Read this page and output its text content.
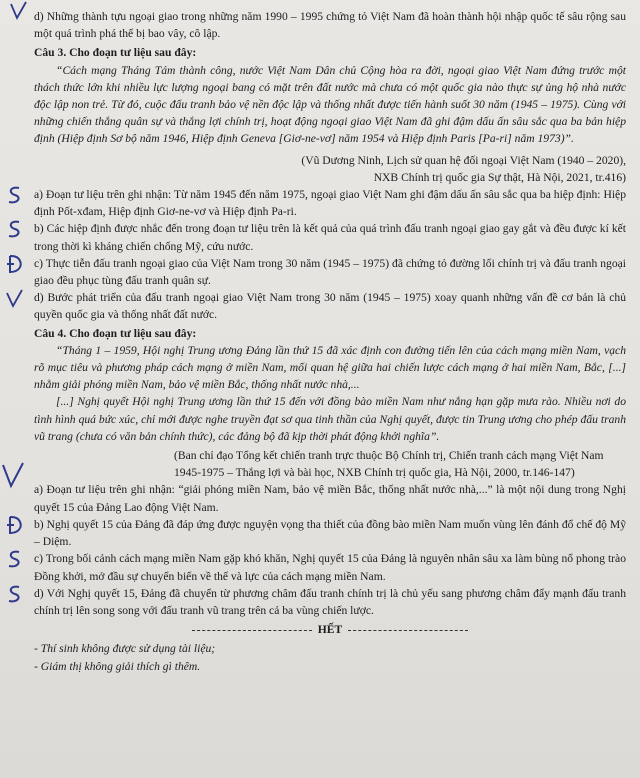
d) Những thành tựu ngoại giao trong những năm 1990 – 1995 chứng tỏ Việt Nam đã hoàn thành hội nhập quốc tế sâu rộng sau một quá trình phá thế bị bao vây, cô lập.

Câu 3. Cho đoạn tư liệu sau đây:

“Cách mạng Tháng Tám thành công, nước Việt Nam Dân chủ Cộng hòa ra đời, ngoại giao Việt Nam đứng trước một thách thức lớn khi nhiều lực lượng ngoại bang có mặt trên đất nước mà chưa có một quốc gia nào thực sự ủng hộ nhà nước độc lập non trẻ. Từ đó, cuộc đấu tranh bảo vệ nền độc lập và thống nhất được tiến hành suốt 30 năm (1945 – 1975). Cùng với những chiến thắng quân sự và thắng lợi chính trị, hoạt động ngoại giao Việt Nam đã ghi đậm dấu ấn sâu sắc qua ba bản hiệp định (Hiệp định Sơ bộ năm 1946, Hiệp định Geneva [Giơ-ne-vơ] năm 1954 và Hiệp định Paris [Pa-ri] năm 1973)”.

(Vũ Dương Ninh, Lịch sử quan hệ đối ngoại Việt Nam (1940 – 2020),

NXB Chính trị quốc gia Sự thật, Hà Nội, 2021, tr.416)

a) Đoạn tư liệu trên ghi nhận: Từ năm 1945 đến năm 1975, ngoại giao Việt Nam ghi đậm dấu ấn sâu sắc qua ba hiệp định: Hiệp định Pốt-xđam, Hiệp định Giơ-ne-vơ và Hiệp định Pa-ri.

b) Các hiệp định được nhắc đến trong đoạn tư liệu trên là kết quả của quá trình đấu tranh ngoại giao gay gắt và đều được kí kết trong thời kì kháng chiến chống Mỹ, cứu nước.

c) Thực tiễn đấu tranh ngoại giao của Việt Nam trong 30 năm (1945 – 1975) đã chứng tỏ đường lối chính trị và đấu tranh ngoại giao đều phục tùng đấu tranh quân sự.

d) Bước phát triển của đấu tranh ngoại giao Việt Nam trong 30 năm (1945 – 1975) xoay quanh những vấn đề cơ bản là chủ quyền quốc gia và thống nhất đất nước.

Câu 4. Cho đoạn tư liệu sau đây:

“Tháng 1 – 1959, Hội nghị Trung ương Đảng lần thứ 15 đã xác định con đường tiến lên của cách mạng miền Nam, vạch rõ mục tiêu và phương pháp cách mạng ở miền Nam, mối quan hệ giữa hai chiến lược cách mạng ở hai miền Nam, Bắc, [...] nhằm giải phóng miền Nam, bảo vệ miền Bắc, thống nhất nước nhà,...

[...] Nghị quyết Hội nghị Trung ương lần thứ 15 đến với đồng bào miền Nam như nắng hạn gặp mưa rào. Nhiều nơi do tình hình quá bức xúc, chỉ mới được nghe truyền đạt sơ qua tinh thần của Nghị quyết, được tin Trung ương cho phép đấu tranh vũ trang (chưa có văn bản chính thức), các đảng bộ đã kịp thời phát động khởi nghĩa”.

(Ban chỉ đạo Tổng kết chiến tranh trực thuộc Bộ Chính trị, Chiến tranh cách mạng Việt Nam

1945-1975 – Thắng lợi và bài học, NXB Chính trị quốc gia, Hà Nội, 2000, tr.146-147)

a) Đoạn tư liệu trên ghi nhận: “giải phóng miền Nam, bảo vệ miền Bắc, thống nhất nước nhà,...” là một nội dung trong Nghị quyết 15 của Đảng Lao động Việt Nam.

b) Nghị quyết 15 của Đảng đã đáp ứng được nguyện vọng tha thiết của đồng bào miền Nam muốn vùng lên đánh đổ chế độ Mỹ – Diệm.

c) Trong bối cảnh cách mạng miền Nam gặp khó khăn, Nghị quyết 15 của Đảng là nguyên nhân sâu xa làm bùng nổ phong trào Đồng khởi, mở đầu sự chuyển biến về thế và lực của cách mạng miền Nam.

d) Với Nghị quyết 15, Đảng đã chuyển từ phương châm đấu tranh chính trị là chủ yếu sang phương châm đẩy mạnh đấu tranh chính trị lên song song với đấu tranh vũ trang trên cả ba vùng chiến lược.

HẾT
- Thí sinh không được sử dụng tài liệu;
- Giám thị không giải thích gì thêm.
